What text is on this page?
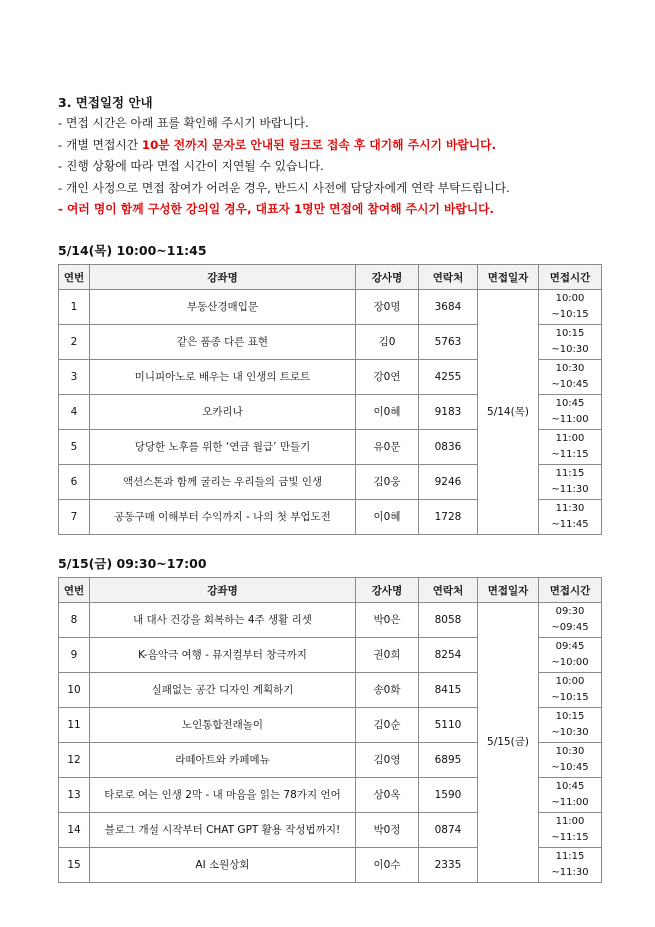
3. 면접일정 안내
- 면접 시간은 아래 표를 확인해 주시기 바랍니다.
- 개별 면접시간 10분 전까지 문자로 안내된 링크로 접속 후 대기해 주시기 바랍니다.
- 진행 상황에 따라 면접 시간이 지연될 수 있습니다.
- 개인 사정으로 면접 참여가 어려운 경우, 반드시 사전에 담당자에게 연락 부탁드립니다.
- 여러 명이 함께 구성한 강의일 경우, 대표자 1명만 면접에 참여해 주시기 바랍니다.
5/14(목) 10:00~11:45
연번	강좌명	강사명	연락처	면접일자	면접시간
1	부동산경매입문	장0명	3684	5/14(목)	10:00
~10:15

2	같은 품종 다른 표현	김0	5763		10:15
~10:30

3	미니피아노로 배우는 내 인생의 트로트	강0연	4255		10:30
~10:45

4	오카리나	이0혜	9183		10:45
~11:00

5	당당한 노후를 위한 ‘연금 월급’ 만들기	유0문	0836		11:00
~11:15

6	액션스톤과 함께 굴리는 우리들의 금빛 인생	김0웅	9246		11:15
~11:30

7	공동구매 이해부터 수익까지 - 나의 첫 부업도전	이0혜	1728		11:30
~11:45
5/15(금) 09:30~17:00
연번	강좌명	강사명	연락처	면접일자	면접시간
8	내 대사 건강을 회복하는 4주 생활 리셋	박0은	8058	5/15(금)	09:30
~09:45

9	K-음악극 여행 - 뮤지컬부터 창극까지	권0희	8254		09:45
~10:00

10	실패없는 공간 디자인 계획하기	송0화	8415		10:00
~10:15

11	노인통합전래놀이	김0순	5110		10:15
~10:30

12	라떼아트와 카페메뉴	김0영	6895		10:30
~10:45

13	타로로 여는 인생 2막 - 내 마음을 읽는 78가지 언어	상0옥	1590		10:45
~11:00

14	블로그 개설 시작부터 CHAT GPT 활용 작성법까지!	박0정	0874		11:00
~11:15

15	AI 소원상회	이0수	2335		11:15
~11:30
